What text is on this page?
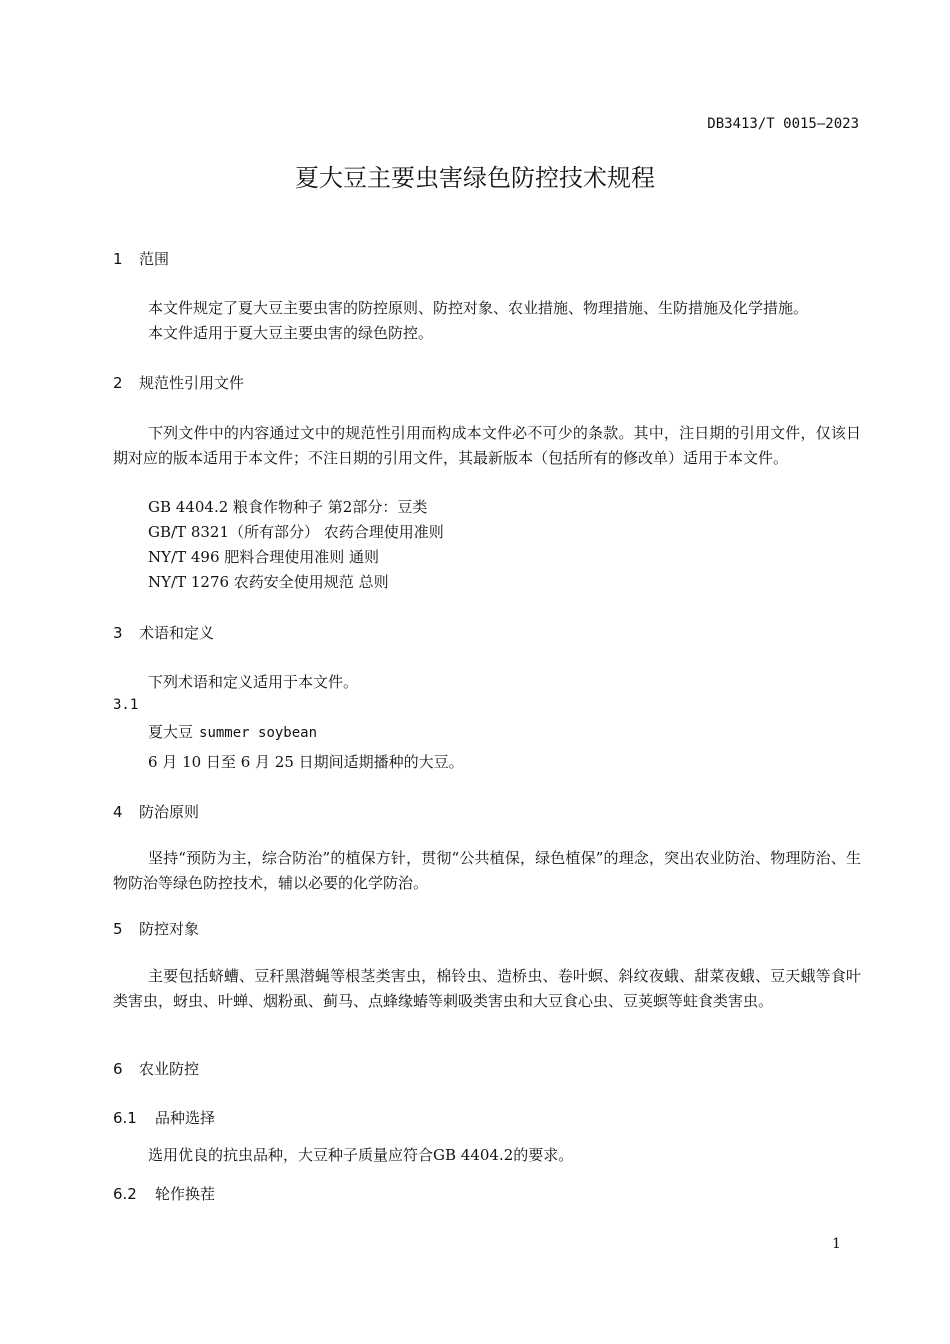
DB3413/T 0015—2023
夏大豆主要虫害绿色防控技术规程
1 范围
本文件规定了夏大豆主要虫害的防控原则、防控对象、农业措施、物理措施、生防措施及化学措施。
本文件适用于夏大豆主要虫害的绿色防控。
2 规范性引用文件
下列文件中的内容通过文中的规范性引用而构成本文件必不可少的条款。其中，注日期的引用文件，仅该日期对应的版本适用于本文件；不注日期的引用文件，其最新版本（包括所有的修改单）适用于本文件。
GB 4404.2 粮食作物种子 第2部分：豆类
GB/T 8321（所有部分） 农药合理使用准则
NY/T 496 肥料合理使用准则 通则
NY/T 1276 农药安全使用规范 总则
3 术语和定义
下列术语和定义适用于本文件。
3.1
夏大豆 summer soybean
6 月 10 日至 6 月 25 日期间适期播种的大豆。
4 防治原则
坚持“预防为主，综合防治”的植保方针，贯彻“公共植保，绿色植保”的理念，突出农业防治、物理防治、生物防治等绿色防控技术，辅以必要的化学防治。
5 防控对象
主要包括蛴螬、豆秆黑潜蝇等根茎类害虫，棉铃虫、造桥虫、卷叶螟、斜纹夜蛾、甜菜夜蛾、豆天蛾等食叶类害虫，蚜虫、叶蝉、烟粉虱、蓟马、点蜂缘蝽等刺吸类害虫和大豆食心虫、豆荚螟等蛀食类害虫。
6 农业防控
6.1 品种选择
选用优良的抗虫品种，大豆种子质量应符合GB 4404.2的要求。
6.2 轮作换茬
1
